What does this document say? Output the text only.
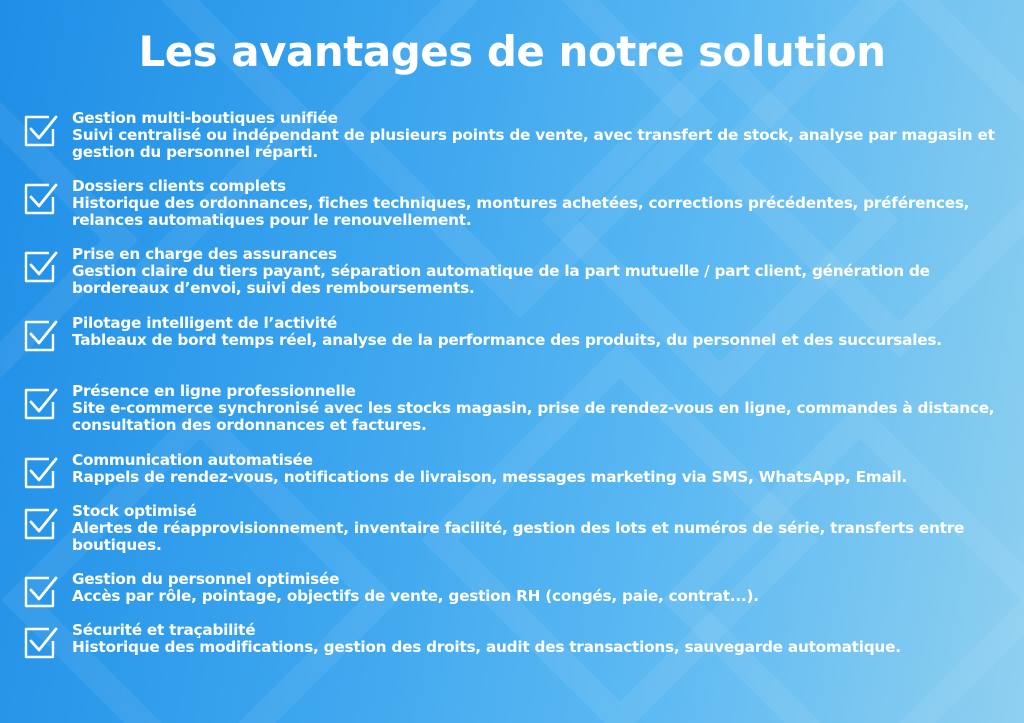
Les avantages de notre solution
Gestion multi-boutiques unifiée
Suivi centralisé ou indépendant de plusieurs points de vente, avec transfert de stock, analyse par magasin et gestion du personnel réparti.
Dossiers clients complets
Historique des ordonnances, fiches techniques, montures achetées, corrections précédentes, préférences, relances automatiques pour le renouvellement.
Prise en charge des assurances
Gestion claire du tiers payant, séparation automatique de la part mutuelle / part client, génération de bordereaux d’envoi, suivi des remboursements.
Pilotage intelligent de l’activité
Tableaux de bord temps réel, analyse de la performance des produits, du personnel et des succursales.
Présence en ligne professionnelle
Site e-commerce synchronisé avec les stocks magasin, prise de rendez-vous en ligne, commandes à distance, consultation des ordonnances et factures.
Communication automatisée
Rappels de rendez-vous, notifications de livraison, messages marketing via SMS, WhatsApp, Email.
Stock optimisé
Alertes de réapprovisionnement, inventaire facilité, gestion des lots et numéros de série, transferts entre boutiques.
Gestion du personnel optimisée
Accès par rôle, pointage, objectifs de vente, gestion RH (congés, paie, contrat...).
Sécurité et traçabilité
Historique des modifications, gestion des droits, audit des transactions, sauvegarde automatique.
